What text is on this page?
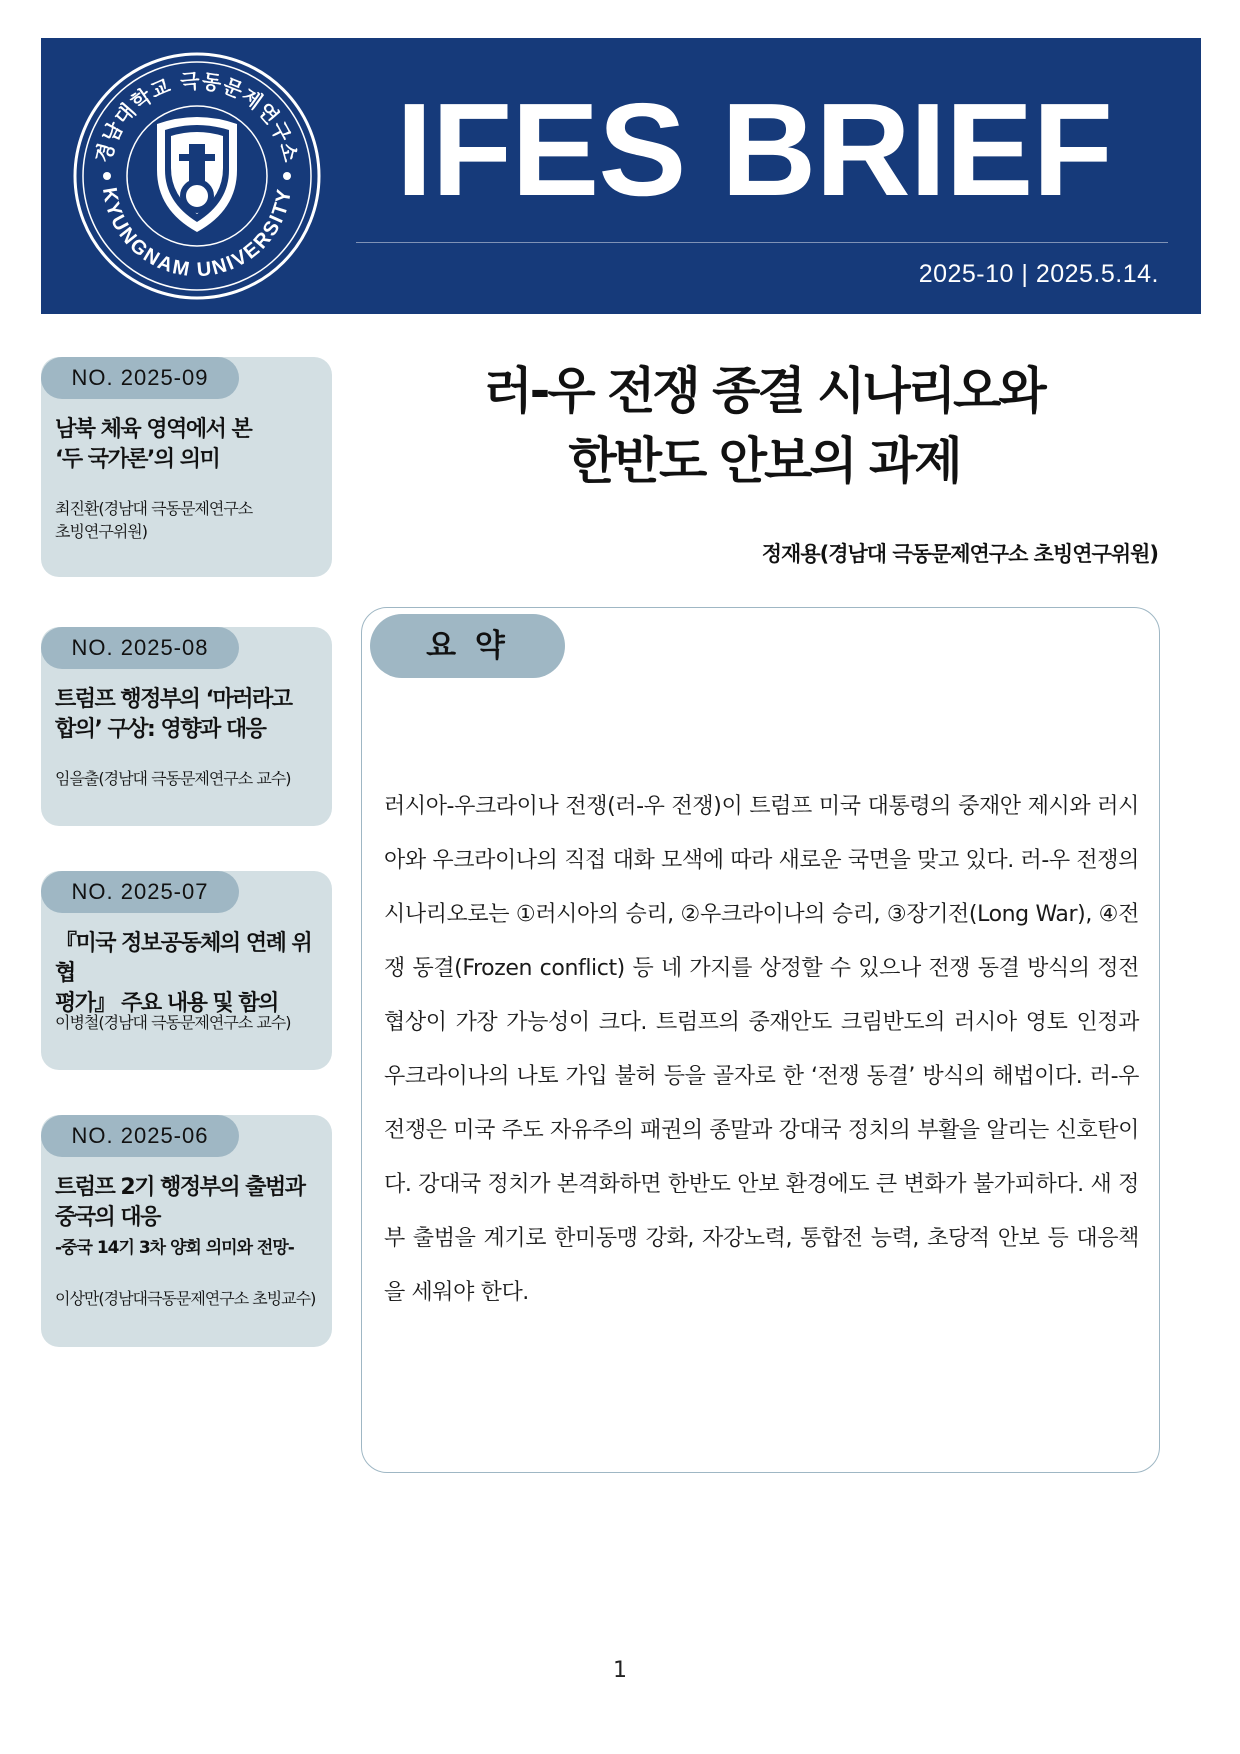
경남대학교 극동문제연구소
KYUNGNAM UNIVERSITY IFES BRIEF
2025-10 | 2025.5.14.
NO. 2025-09
남북 체육 영역에서 본
‘두 국가론’의 의미
최진환(경남대 극동문제연구소
초빙연구위원)
NO. 2025-08
트럼프 행정부의 ‘마러라고
합의’ 구상: 영향과 대응
임을출(경남대 극동문제연구소 교수)
NO. 2025-07
『미국 정보공동체의 연례 위협
평가』 주요 내용 및 함의
이병철(경남대 극동문제연구소 교수)
NO. 2025-06
트럼프 2기 행정부의 출범과
중국의 대응
-중국 14기 3차 양회 의미와 전망-
이상만(경남대극동문제연구소 초빙교수)
러-우 전쟁 종결 시나리오와
한반도 안보의 과제
정재용(경남대 극동문제연구소 초빙연구위원)
요 약
러시아-우크라이나 전쟁(러-우 전쟁)이 트럼프 미국 대통령의 중재안 제시와 러시아와 우크라이나의 직접 대화 모색에 따라 새로운 국면을 맞고 있다. 러-우 전쟁의 시나리오로는 ①러시아의 승리, ②우크라이나의 승리, ③장기전(Long War), ④전쟁 동결(Frozen conflict) 등 네 가지를 상정할 수 있으나 전쟁 동결 방식의 정전 협상이 가장 가능성이 크다. 트럼프의 중재안도 크림반도의 러시아 영토 인정과 우크라이나의 나토 가입 불허 등을 골자로 한 ‘전쟁 동결’ 방식의 해법이다. 러-우 전쟁은 미국 주도 자유주의 패권의 종말과 강대국 정치의 부활을 알리는 신호탄이다. 강대국 정치가 본격화하면 한반도 안보 환경에도 큰 변화가 불가피하다. 새 정부 출범을 계기로 한미동맹 강화, 자강노력, 통합전 능력, 초당적 안보 등 대응책을 세워야 한다.
1
